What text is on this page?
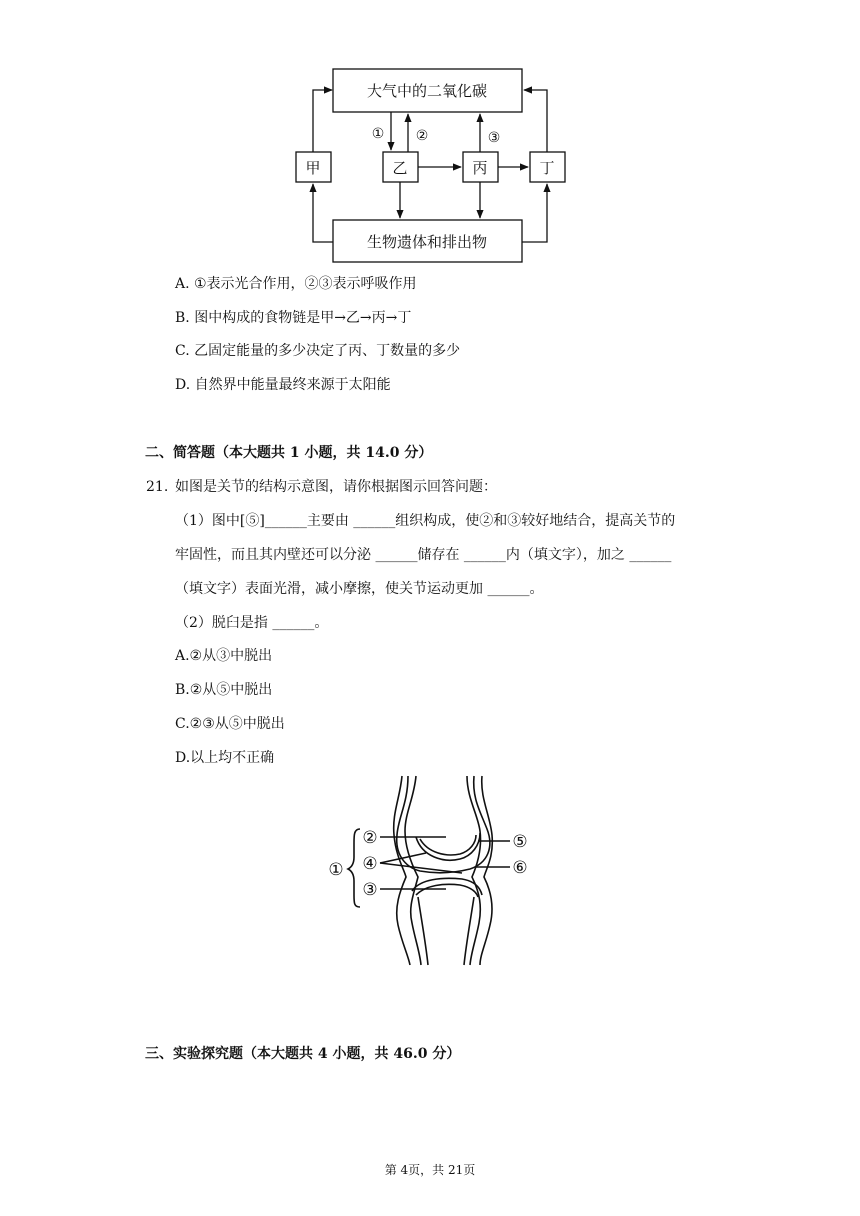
大气中的二氧化碳
生物遗体和排出物
甲	乙	丙	丁
① ②	③
A. ①表示光合作用，②③表示呼吸作用
B. 图中构成的食物链是甲→乙→丙→丁
C. 乙固定能量的多少决定了丙、丁数量的多少
D. 自然界中能量最终来源于太阳能
二、简答题（本大题共 1 小题，共 14.0 分）
21. 如图是关节的结构示意图，请你根据图示回答问题：
（1）图中[⑤]______主要由 ______组织构成，使②和③较好地结合，提高关节的
牢固性，而且其内壁还可以分泌 ______储存在 ______内（填文字），加之 ______
（填文字）表面光滑，减小摩擦，使关节运动更加 ______。
（2）脱臼是指 ______。
A.②从③中脱出
B.②从⑤中脱出
C.②③从⑤中脱出
D.以上均不正确
①
②
④
③
⑤
⑥
三、实验探究题（本大题共 4 小题，共 46.0 分）
第 4页，共 21页
